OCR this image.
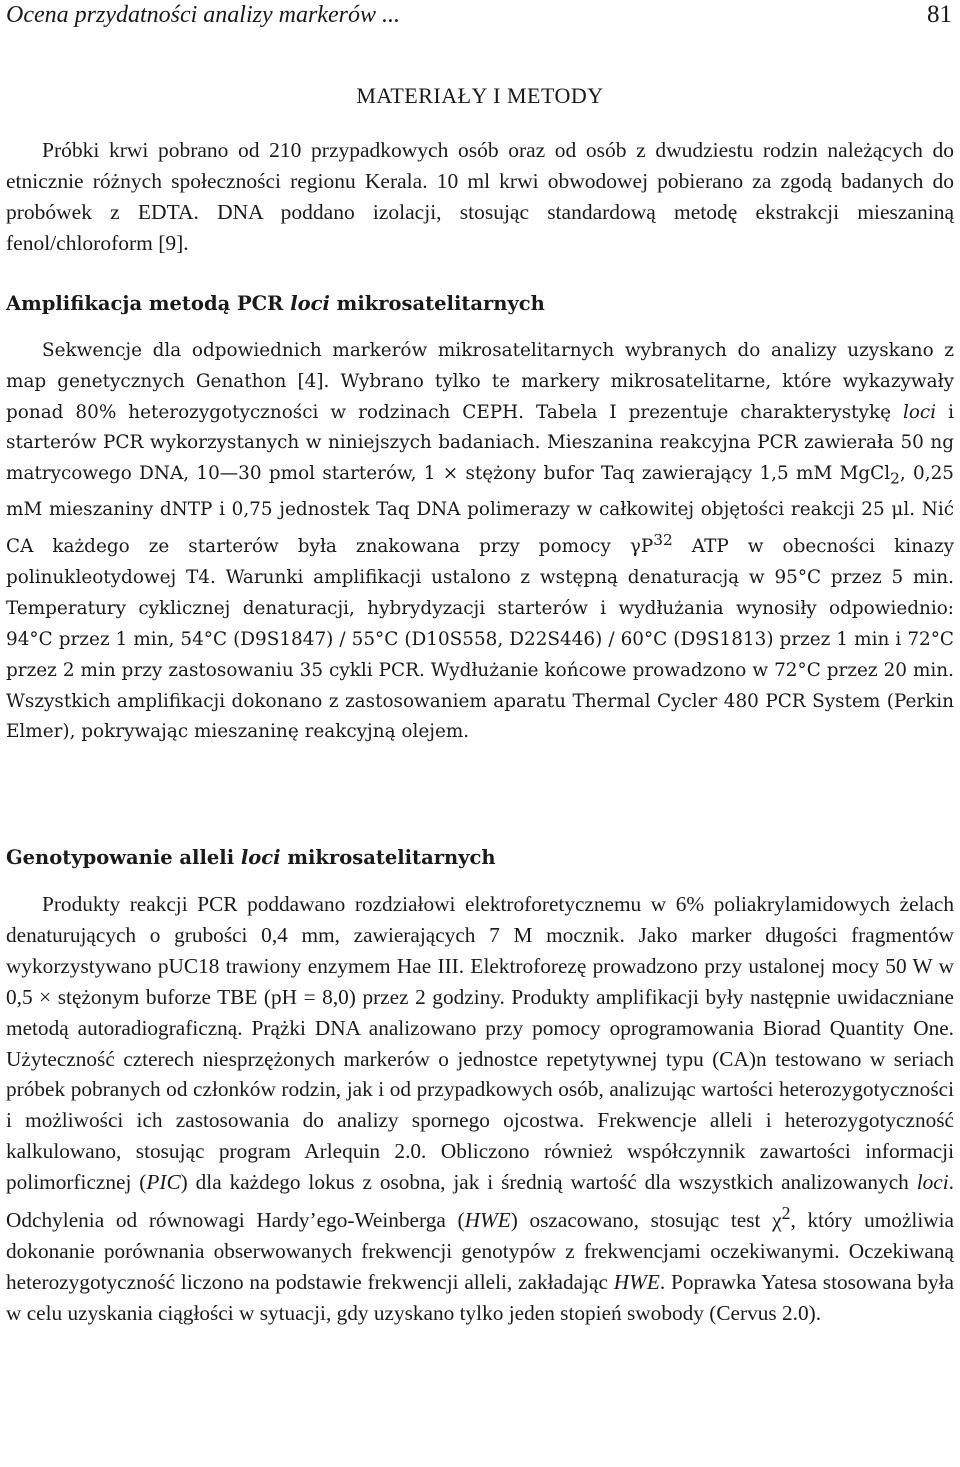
Ocena przydatności analizy markerów ...	81
MATERIAŁY I METODY

Próbki krwi pobrano od 210 przypadkowych osób oraz od osób z dwudziestu rodzin należących do etnicznie różnych społeczności regionu Kerala. 10 ml krwi obwodowej pobierano za zgodą badanych do probówek z EDTA. DNA poddano izolacji, stosując standardową metodę ekstrakcji mieszaniną fenol/chloroform [9].

Amplifikacja metodą PCR loci mikrosatelitarnych

Sekwencje dla odpowiednich markerów mikrosatelitarnych wybranych do analizy uzyskano z map genetycznych Genathon [4]. Wybrano tylko te markery mikrosatelitarne, które wykazywały ponad 80% heterozygotyczności w rodzinach CEPH. Tabela I prezentuje charakterystykę loci i starterów PCR wykorzystanych w niniejszych badaniach. Mieszanina reakcyjna PCR zawierała 50 ng matrycowego DNA, 10—30 pmol starterów, 1 × stężony bufor Taq zawierający 1,5 mM MgCl$_2$, 0,25 mM mieszaniny dNTP i 0,75 jednostek Taq DNA polimerazy w całkowitej objętości reakcji 25 μl. Nić CA każdego ze starterów była znakowana przy pomocy $\gamma P^{32}$ ATP w obecności kinazy polinukleotydowej T4. Warunki amplifikacji ustalono z wstępną denaturacją w 95°C przez 5 min. Temperatury cyklicznej denaturacji, hybrydyzacji starterów i wydłużania wynosiły odpowiednio: 94°C przez 1 min, 54°C (D9S1847) / 55°C (D10S558, D22S446) / 60°C (D9S1813) przez 1 min i 72°C przez 2 min przy zastosowaniu 35 cykli PCR. Wydłużanie końcowe prowadzono w 72°C przez 20 min. Wszystkich amplifikacji dokonano z zastosowaniem aparatu Thermal Cycler 480 PCR System (Perkin Elmer), pokrywając mieszaninę reakcyjną olejem.

Genotypowanie alleli loci mikrosatelitarnych

Produkty reakcji PCR poddawano rozdziałowi elektroforetycznemu w 6% poliakrylamidowych żelach denaturujących o grubości 0,4 mm, zawierających 7 M mocznik. Jako marker długości fragmentów wykorzystywano pUC18 trawiony enzymem Hae III. Elektroforezę prowadzono przy ustalonej mocy 50 W w 0,5 × stężonym buforze TBE (pH = 8,0) przez 2 godziny. Produkty amplifikacji były następnie uwidaczniane metodą autoradiograficzną. Prążki DNA analizowano przy pomocy oprogramowania Biorad Quantity One. Użyteczność czterech niesprzężonych markerów o jednostce repetytywnej typu (CA)n testowano w seriach próbek pobranych od członków rodzin, jak i od przypadkowych osób, analizując wartości heterozygotyczności i możliwości ich zastosowania do analizy spornego ojcostwa. Frekwencje alleli i heterozygotyczność kalkulowano, stosując program Arlequin 2.0. Obliczono również współczynnik zawartości informacji polimorficznej (PIC) dla każdego lokus z osobna, jak i średnią wartość dla wszystkich analizowanych loci. Odchylenia od równowagi Hardy’ego-Weinberga (HWE) oszacowano, stosując test $\chi^2$, który umożliwia dokonanie porównania obserwowanych frekwencji genotypów z frekwencjami oczekiwanymi. Oczekiwaną heterozygotyczność liczono na podstawie frekwencji alleli, zakładając HWE. Poprawka Yatesa stosowana była w celu uzyskania ciągłości w sytuacji, gdy uzyskano tylko jeden stopień swobody (Cervus 2.0).
